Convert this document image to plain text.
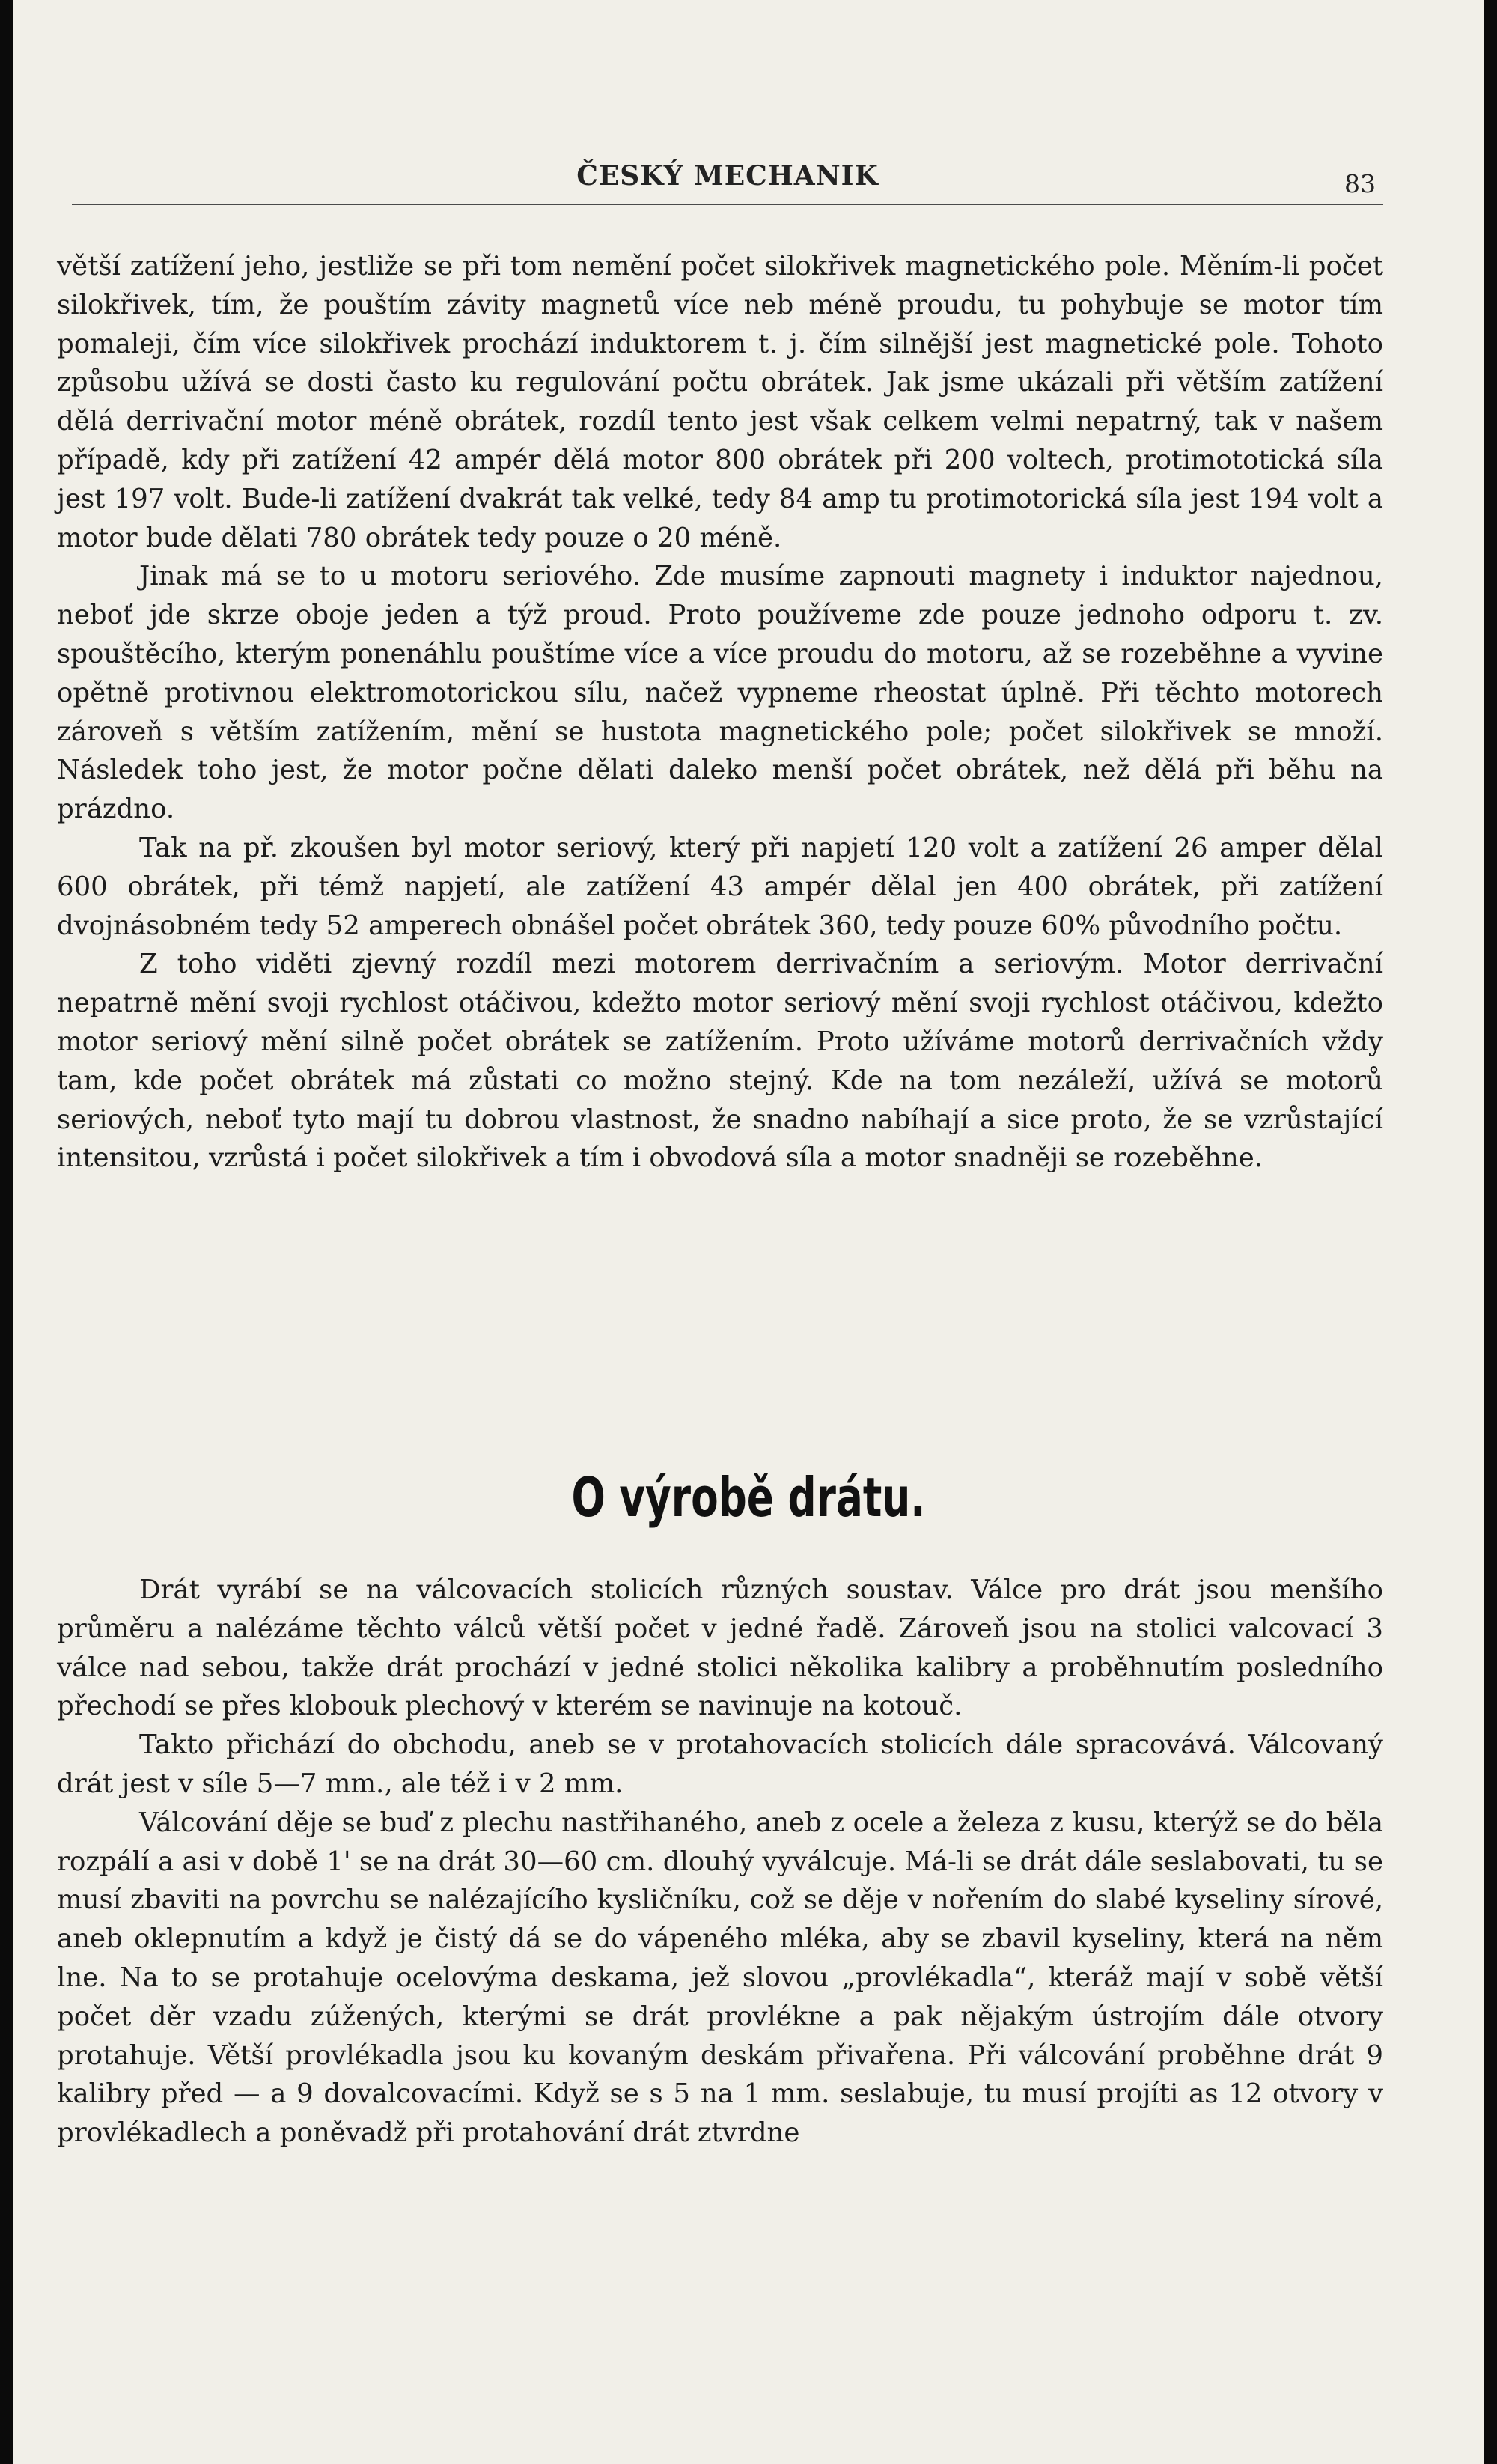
ČESKÝ MECHANIK	83

větší zatížení jeho, jestliže se při tom nemění počet silokřivek magnetického pole. Měním-li počet silokřivek, tím, že pouštím závity magnetů více neb méně proudu, tu pohybuje se motor tím pomaleji, čím více silokřivek prochází induktorem t. j. čím silnější jest magnetické pole. Tohoto způsobu užívá se dosti často ku regulování počtu obrátek. Jak jsme ukázali při větším zatížení dělá derrivační motor méně obrátek, rozdíl tento jest však celkem velmi nepatrný, tak v našem případě, kdy při zatížení 42 ampér dělá motor 800 obrátek při 200 voltech, protimototická síla jest 197 volt. Bude-li zatížení dvakrát tak velké, tedy 84 amp tu protimotorická síla jest 194 volt a motor bude dělati 780 obrátek tedy pouze o 20 méně.

Jinak má se to u motoru seriového. Zde musíme zapnouti magnety i induktor najednou, neboť jde skrze oboje jeden a týž proud. Proto používeme zde pouze jednoho odporu t. zv. spouštěcího, kterým ponenáhlu pouštíme více a více proudu do motoru, až se rozeběhne a vyvine opětně protivnou elektromotorickou sílu, načež vypneme rheostat úplně. Při těchto motorech zároveň s větším zatížením, mění se hustota magnetického pole; počet silokřivek se množí. Následek toho jest, že motor počne dělati daleko menší počet obrátek, než dělá při běhu na prázdno.

Tak na př. zkoušen byl motor seriový, který při napjetí 120 volt a zatížení 26 amper dělal 600 obrátek, při témž napjetí, ale zatížení 43 ampér dělal jen 400 obrátek, při zatížení dvojnásobném tedy 52 amperech obnášel počet obrátek 360, tedy pouze 60% původního počtu.

Z toho viděti zjevný rozdíl mezi motorem derrivačním a seriovým. Motor derrivační nepatrně mění svoji rychlost otáčivou, kdežto motor seriový mění svoji rychlost otáčivou, kdežto motor seriový mění silně počet obrátek se zatížením. Proto užíváme motorů derrivačních vždy tam, kde počet obrátek má zůstati co možno stejný. Kde na tom nezáleží, užívá se motorů seriových, neboť tyto mají tu dobrou vlastnost, že snadno nabíhají a sice proto, že se vzrůstající intensitou, vzrůstá i počet silokřivek a tím i obvodová síla a motor snadněji se rozeběhne.

O výrobě drátu.

Drát vyrábí se na válcovacích stolicích různých soustav. Válce pro drát jsou menšího průměru a nalézáme těchto válců větší počet v jedné řadě. Zároveň jsou na stolici valcovací 3 válce nad sebou, takže drát prochází v jedné stolici několika kalibry a proběhnutím posledního přechodí se přes klobouk plechový v kterém se navinuje na kotouč.

Takto přichází do obchodu, aneb se v protahovacích stolicích dále spracovává. Válcovaný drát jest v síle 5—7 mm., ale též i v 2 mm.

Válcování děje se buď z plechu nastřihaného, aneb z ocele a železa z kusu, kterýž se do běla rozpálí a asi v době 1' se na drát 30—60 cm. dlouhý vyválcuje. Má-li se drát dále seslabovati, tu se musí zbaviti na povrchu se nalézajícího kysličníku, což se děje v nořením do slabé kyseliny sírové, aneb oklepnutím a když je čistý dá se do vápeného mléka, aby se zbavil kyseliny, která na něm lne. Na to se protahuje ocelovýma deskama, jež slovou „provlékadla“, kteráž mají v sobě větší počet děr vzadu zúžených, kterými se drát provlékne a pak nějakým ústrojím dále otvory protahuje. Větší provlékadla jsou ku kovaným deskám přivařena. Při válcování proběhne drát 9 kalibry před — a 9 dovalcovacími. Když se s 5 na 1 mm. seslabuje, tu musí projíti as 12 otvory v provlékadlech a poněvadž při protahování drát ztvrdne
